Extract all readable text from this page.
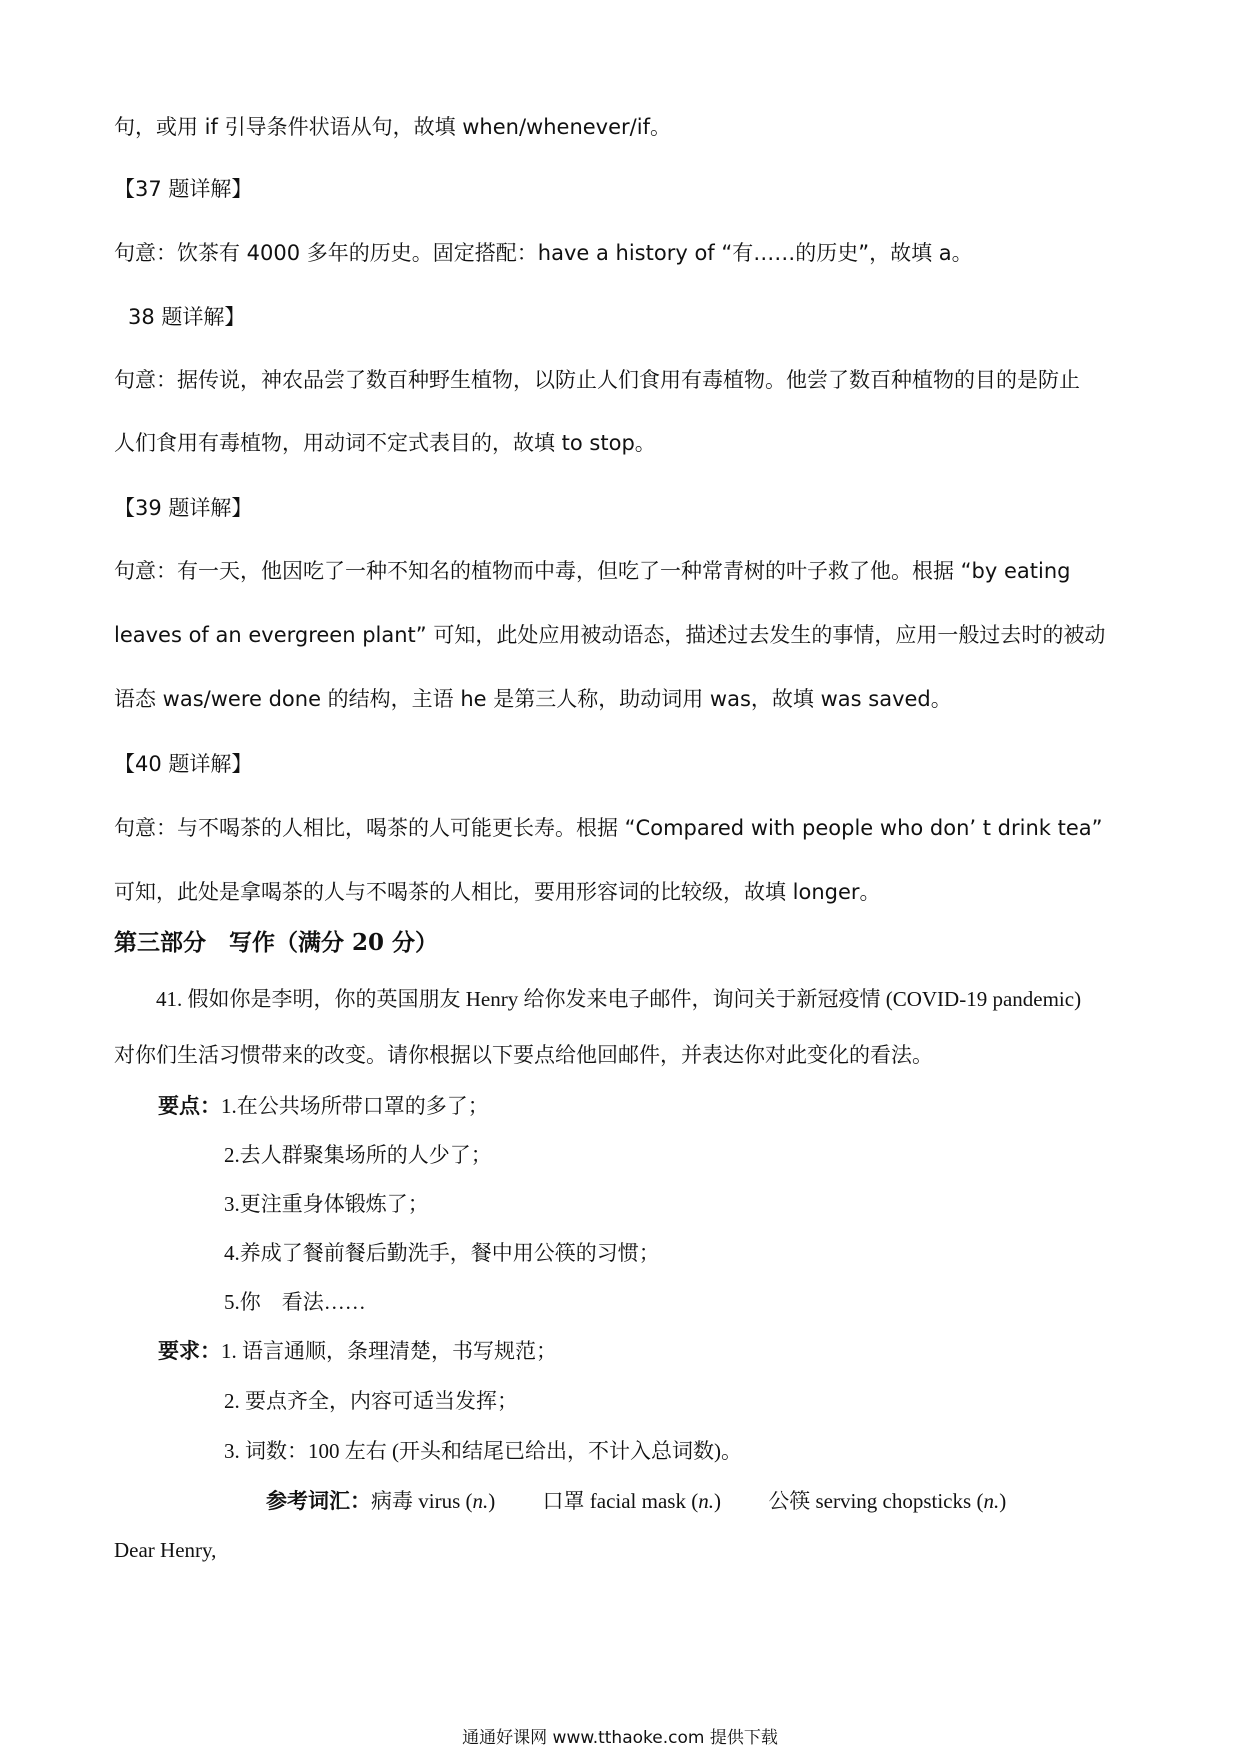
句，或用 if 引导条件状语从句，故填 when/whenever/if。
【37 题详解】
句意：饮茶有 4000 多年的历史。固定搭配：have a history of “有……的历史”，故填 a。
38 题详解】
句意：据传说，神农品尝了数百种野生植物，以防止人们食用有毒植物。他尝了数百种植物的目的是防止
人们食用有毒植物，用动词不定式表目的，故填 to stop。
【39 题详解】
句意：有一天，他因吃了一种不知名的植物而中毒，但吃了一种常青树的叶子救了他。根据 “by eating
leaves of an evergreen plant” 可知，此处应用被动语态，描述过去发生的事情，应用一般过去时的被动
语态 was/were done 的结构，主语 he 是第三人称，助动词用 was，故填 was saved。
【40 题详解】
句意：与不喝茶的人相比，喝茶的人可能更长寿。根据 “Compared with people who don’ t drink tea”
可知，此处是拿喝茶的人与不喝茶的人相比，要用形容词的比较级，故填 longer。
第三部分　写作（满分 20 分）
41. 假如你是李明，你的英国朋友 Henry 给你发来电子邮件，询问关于新冠疫情 (COVID-19 pandemic)
对你们生活习惯带来的改变。请你根据以下要点给他回邮件，并表达你对此变化的看法。
要点：1.在公共场所带口罩的多了；
2.去人群聚集场所的人少了；
3.更注重身体锻炼了；
4.养成了餐前餐后勤洗手，餐中用公筷的习惯；
5.你　看法……
要求：1. 语言通顺，条理清楚，书写规范；
2. 要点齐全，内容可适当发挥；
3. 词数：100 左右 (开头和结尾已给出，不计入总词数)。
参考词汇：病毒 virus (n.) 口罩 facial mask (n.) 公筷 serving chopsticks (n.)
Dear Henry,
通通好课网 www.tthaoke.com 提供下载
